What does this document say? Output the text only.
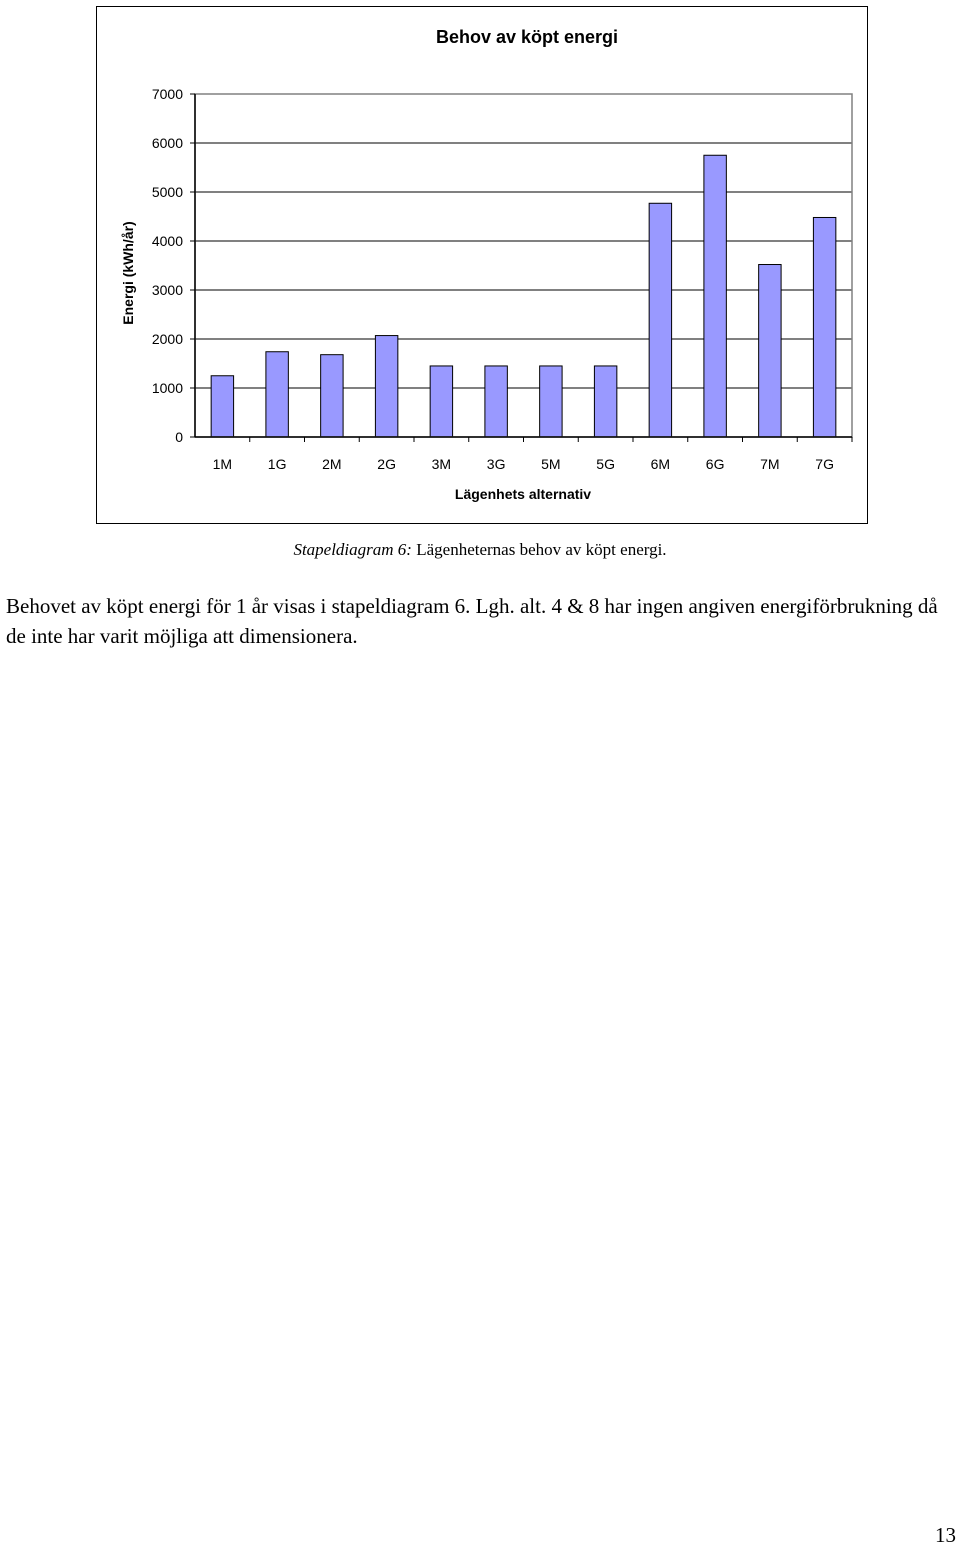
Behov av köpt energi
Energi (kWh/år)
Lägenhets alternativ
0
1000
2000
3000
4000
5000
6000
7000
1M	1G	2M	2G	3M	3G	5M	5G	6M	6G	7M	7G
Stapeldiagram 6: Lägenheternas behov av köpt energi.
Behovet av köpt energi för 1 år visas i stapeldiagram 6. Lgh. alt. 4 & 8 har ingen angiven energiförbrukning då de inte har varit möjliga att dimensionera.
13
